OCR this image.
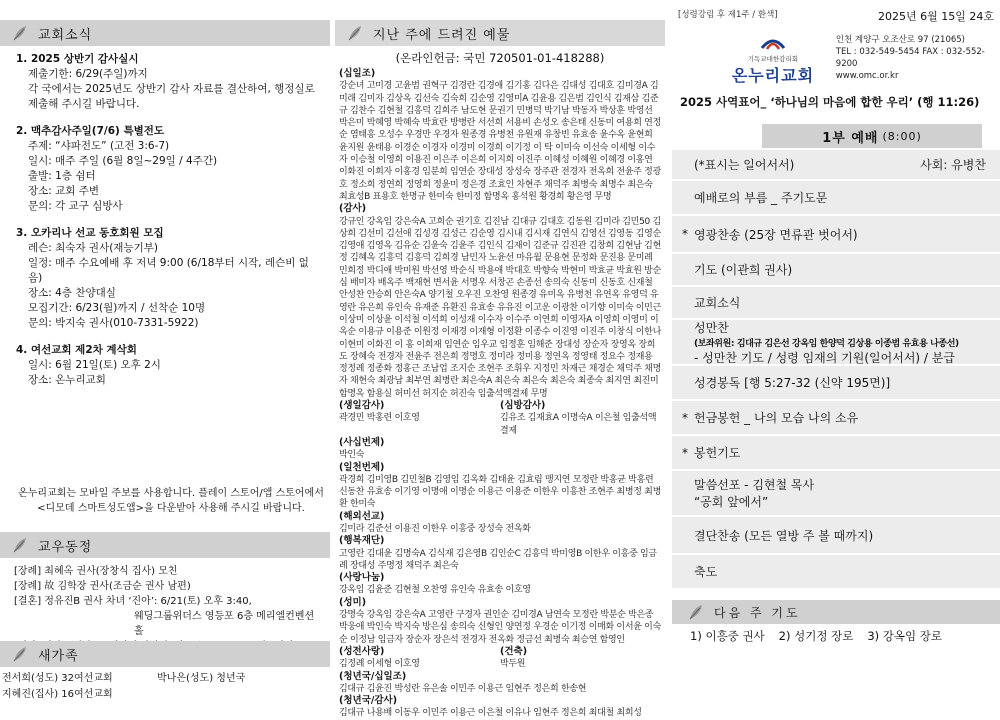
교회소식
1. 2025 상반기 감사실시
제출기한: 6/29(주일)까지
각 국에서는 2025년도 상반기 감사 자료를 결산하여, 행정실로
제출해 주시길 바랍니다.
2. 맥추감사주일(7/6) 특별전도
주제: “샤파전도” (고전 3:6-7)
일시: 매주 주일 (6월 8일~29일 / 4주간)
출발: 1층 쉼터
장소: 교회 주변
문의: 각 교구 심방사
3. 오카리나 선교 동호회원 모집
레슨: 최숙자 권사(재능기부)
일정: 매주 수요예배 후 저녁 9:00 (6/18부터 시작, 레슨비 없음)
장소: 4층 찬양대실
모집기간: 6/23(월)까지 / 선착순 10명
문의: 박지숙 권사(010-7331-5922)
4. 여선교회 제2차 계삭회
일시: 6월 21일(토) 오후 2시
장소: 온누리교회
온누리교회는 모바일 주보를 사용합니다. 플레이 스토어/앱 스토어에서
<디모데 스마트성도앱>을 다운받아 사용해 주시길 바랍니다.
교우동정
[장례] 최혜옥 권사(장창식 집사) 모친
[장례] 故 김학장 권사(조금순 권사 남편)
[결혼] 정유진B 권사 차녀 ‘진아’: 6/21(토) 오후 3:40,
웨딩그룹위더스 영등포 6층 메리엘컨벤션홀
새가족
전서희(성도) 32여선교회	박나은(성도) 청년국
지혜진(집사) 16여선교회
지난 주에 드려진 예물
(온라인헌금: 국민 720501-01-418288)
(십일조)
강순녀 고미경 고윤범 권혁구 김경란 김경애 김기홍 김다은 김대성 김대호 김미경A 김미래 김미자 김상옥 김선숙 김숙희 김순영 김영미A 김윤용 김은범 김인식 김재삼 김준규 김찬수 김현철 김흥덕 김희주 남도현 문권기 민병덕 박기남 박동자 박상훈 박영선 박은미 박혜영 박혜숙 박효란 방병란 서선희 서용비 손성오 송은태 신동미 여용희 연정순 염태흥 오성수 우경만 우경자 원종경 유병천 유원재 유창빈 유효송 윤수옥 윤현희 윤지원 윤태용 이경순 이경자 이경미 이경희 이기정 이 탁 이미숙 이선숙 이세형 이수자 이승철 이영희 이용진 이은주 이은희 이지희 이진주 이혜성 이혜원 이혜경 이홍연 이화진 이희자 이홍경 임분희 임연순 장대성 장성숙 장주관 전경자 전옥희 전윤주 정광호 정소희 정연희 정영희 정윤미 정은경 조효인 차현주 채덕주 최병숙 최명수 최은숙 최효성B 표용호 한명규 한미숙 한미정 함명옥 홍석원 황경희 황은영 무명
(감사)
강규인 강옥임 강은숙A 고희순 권기호 김진남 김대규 김대호 김동원 김미라 김민50 김상희 김선미 김선애 김성경 김성근 김순영 김시내 김시재 김연식 김영선 김영동 김영순 김영애 김영옥 김유순 김윤숙 김윤주 김인식 김재이 김준규 김진관 김창희 김현남 김현정 김혜옥 김흥덕 김흥덕 김희경 남민자 노윤선 마유월 문용현 문정화 문진용 문미례 민희정 박디애 박미원 박선영 박순식 박용애 박대호 박향숙 박현미 박효균 박효원 방순심 배미자 배옥주 백재현 변서윤 서명우 서창곤 손종선 송의숙 신동미 신동호 신재철 안성찬 안승희 안은숙A 양기철 오우진 오찬영 원종경 유미옥 유병천 유연옥 유영덕 유영란 유은희 유인숙 유재준 유환진 유효송 유유진 이고운 이광찬 이기향 이미숙 이민근 이상미 이상윤 이석철 이석희 이성재 이수자 이수주 이연희 이영자A 이영희 이영미 이옥순 이용규 이용준 이원정 이재경 이재형 이정환 이종수 이진영 이진주 이창식 이한나 이현미 이화진 이 홍 이희재 임연순 임우교 임정훈 임해준 장대성 장순자 장영옥 장희도 장혜숙 전경자 전윤주 전은희 정명호 정미라 정미용 정연옥 정영태 정요수 정재용 정정례 정종화 정홍근 조남업 조지순 조현주 조휘우 지정민 차재근 채경순 채덕주 채명자 채현숙 최광남 최부연 최병란 최은숙A 최은숙 최은숙 최은숙 최종숙 최지연 최진미 함명옥 함용실 허미선 허지순 허진숙 임출석액결제 무명
(생일감사)
곽경민 박홍련 이호영
(심방감사)
김유조 김재효A 이명숙A 이은철 임출석액결제
(사십번제)
박인숙
(일천번제)
곽경희 김미영B 김민철B 김영임 김옥화 김태윤 김효림 맹지연 모정란 박홍균 박홍련 신동찬 유효송 이기영 이명애 이명순 이용근 이용준 이한우 이흥찬 조현주 최병정 최병환 한미숙
(해외선교)
김미라 김준선 이용진 이한우 이흥중 장성숙 전옥화
(행복재단)
고영란 김대윤 김명숙A 김식재 김은영B 김인순C 김흥덕 박미영B 이한우 이흥중 임금례 장대성 주명정 채덕주 최은숙
(사랑나눔)
강옥임 김윤준 김현철 오찬영 유인숙 유효송 이호영
(성미)
강명숙 강옥임 강은숙A 고영란 구경자 권인순 김미경A 남연숙 모정란 박분순 박은종 박웅애 박인숙 박지숙 방은심 송의숙 신형인 양연정 우경순 이기정 이매화 이서윤 이숙순 이정남 임금자 장순자 장은석 전경자 전옥화 정금선 최병숙 최승연 함영인
(성전사랑)
김정례 이세형 이호영
(건축)
박두원
(청년국/십일조)
김대규 김윤진 박성란 유은솔 이민주 이용근 임현주 정은희 한송현
(청년국/감사)
김대규 나용배 이동우 이민주 이용근 이은철 이유나 임현주 정은희 최대철 최희성
[성령강림 후 제1주 / 환색]	2025년 6월 15일 24호
기독교대한감리회
온누리교회
인천 계양구 오조산로 97 (21065)
TEL : 032-549-5454 FAX : 032-552-9200
www.omc.or.kr
2025 사역표어_ ‘하나님의 마음에 합한 우리’ (행 11:26)
1부 예배 (8:00)
(*표시는 일어서서)	사회: 유병찬
예배로의 부름 _ 주기도문
* 영광찬송 (25장 면류관 벗어서)
기도 (이관희 권사)
교회소식
성만찬
(보좌위원: 김대규 김은선 강옥임 한양덕 김상용 이종범 유효용 나종선)
- 성만찬 기도 / 성령 임재의 기원(일어서서) / 분급
성경봉독 [행 5:27-32 (신약 195면)]
* 헌금봉헌 _ 나의 모습 나의 소유
* 봉헌기도
말씀선포 - 김현철 목사
“공회 앞에서”
결단찬송 (모든 열방 주 볼 때까지)
축도
다음 주 기도
1) 이흥중 권사 2) 성기정 장로 3) 강옥임 장로
